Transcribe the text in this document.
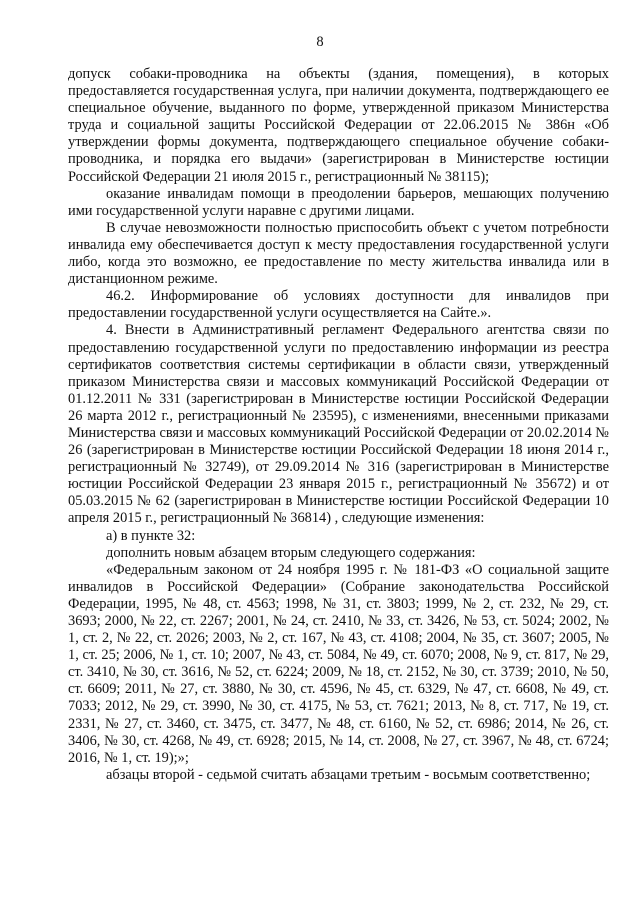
8

допуск собаки-проводника на объекты (здания, помещения), в которых предоставляется государственная услуга, при наличии документа, подтверждающего ее специальное обучение, выданного по форме, утвержденной приказом Министерства труда и социальной защиты Российской Федерации от 22.06.2015 № 386н «Об утверждении формы документа, подтверждающего специальное обучение собаки-проводника, и порядка его выдачи» (зарегистрирован в Министерстве юстиции Российской Федерации 21 июля 2015 г., регистрационный № 38115);

оказание инвалидам помощи в преодолении барьеров, мешающих получению ими государственной услуги наравне с другими лицами.

В случае невозможности полностью приспособить объект с учетом потребности инвалида ему обеспечивается доступ к месту предоставления государственной услуги либо, когда это возможно, ее предоставление по месту жительства инвалида или в дистанционном режиме.

46.2. Информирование об условиях доступности для инвалидов при предоставлении государственной услуги осуществляется на Сайте.».

4. Внести в Административный регламент Федерального агентства связи по предоставлению государственной услуги по предоставлению информации из реестра сертификатов соответствия системы сертификации в области связи, утвержденный приказом Министерства связи и массовых коммуникаций Российской Федерации от 01.12.2011 № 331 (зарегистрирован в Министерстве юстиции Российской Федерации 26 марта 2012 г., регистрационный № 23595), с изменениями, внесенными приказами Министерства связи и массовых коммуникаций Российской Федерации от 20.02.2014 № 26 (зарегистрирован в Министерстве юстиции Российской Федерации 18 июня 2014 г., регистрационный № 32749), от 29.09.2014 № 316 (зарегистрирован в Министерстве юстиции Российской Федерации 23 января 2015 г., регистрационный № 35672) и от 05.03.2015 № 62 (зарегистрирован в Министерстве юстиции Российской Федерации 10 апреля 2015 г., регистрационный № 36814) , следующие изменения:

а) в пункте 32:

дополнить новым абзацем вторым следующего содержания:

«Федеральным законом от 24 ноября 1995 г. № 181-ФЗ «О социальной защите инвалидов в Российской Федерации» (Собрание законодательства Российской Федерации, 1995, № 48, ст. 4563; 1998, № 31, ст. 3803; 1999, № 2, ст. 232, № 29, ст. 3693; 2000, № 22, ст. 2267; 2001, № 24, ст. 2410, № 33, ст. 3426, № 53, ст. 5024; 2002, № 1, ст. 2, № 22, ст. 2026; 2003, № 2, ст. 167, № 43, ст. 4108; 2004, № 35, ст. 3607; 2005, № 1, ст. 25; 2006, № 1, ст. 10; 2007, № 43, ст. 5084, № 49, ст. 6070; 2008, № 9, ст. 817, № 29, ст. 3410, № 30, ст. 3616, № 52, ст. 6224; 2009, № 18, ст. 2152, № 30, ст. 3739; 2010, № 50, ст. 6609; 2011, № 27, ст. 3880, № 30, ст. 4596, № 45, ст. 6329, № 47, ст. 6608, № 49, ст. 7033; 2012, № 29, ст. 3990, № 30, ст. 4175, № 53, ст. 7621; 2013, № 8, ст. 717, № 19, ст. 2331, № 27, ст. 3460, ст. 3475, ст. 3477, № 48, ст. 6160, № 52, ст. 6986; 2014, № 26, ст. 3406, № 30, ст. 4268, № 49, ст. 6928; 2015, № 14, ст. 2008, № 27, ст. 3967, № 48, ст. 6724; 2016, № 1, ст. 19);»;

абзацы второй - седьмой считать абзацами третьим - восьмым соответственно;
